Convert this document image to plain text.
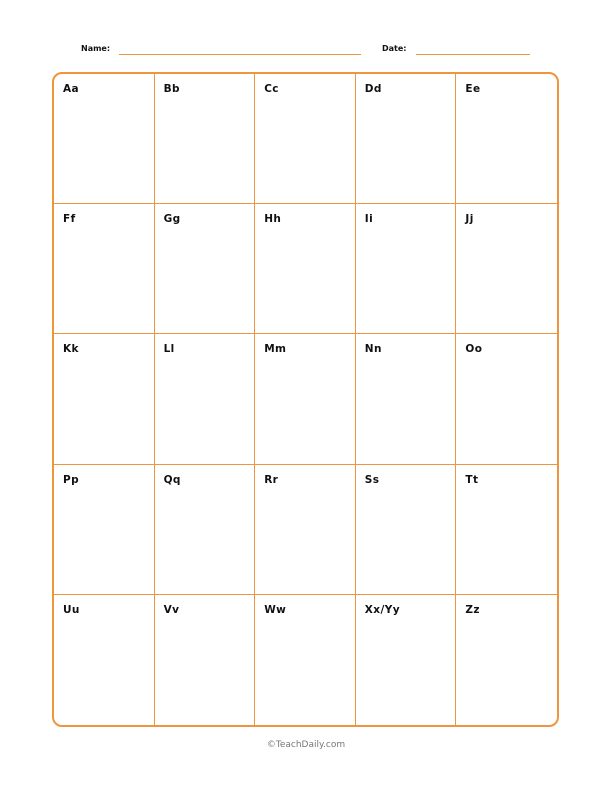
Name:	Date:
Aa	Bb	Cc	Dd	Ee
Ff	Gg	Hh	Ii	Jj
Kk	Ll	Mm	Nn	Oo
Pp	Qq	Rr	Ss	Tt
Uu	Vv	Ww	Xx/Yy	Zz
©TeachDaily.com
